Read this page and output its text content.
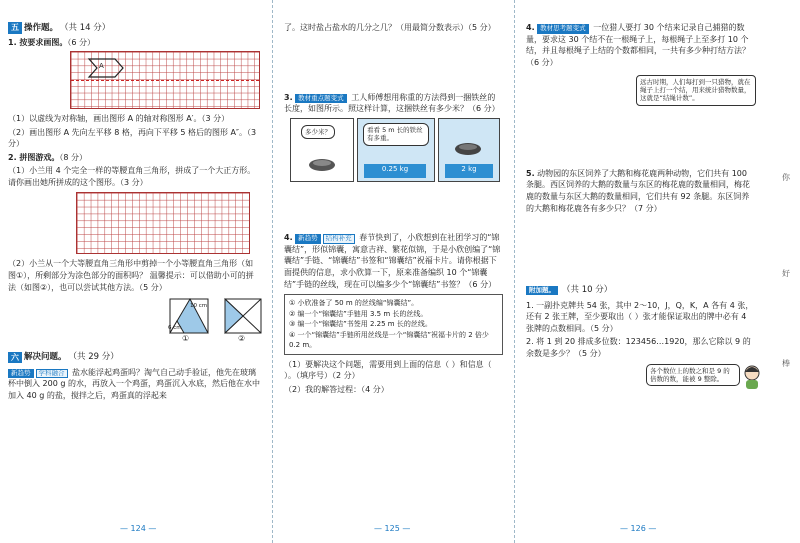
五 操作题。 （共 14 分）
1. 按要求画图。（6 分）
A
（1）以虚线为对称轴，画出图形 A 的轴对称图形 A′。（3 分）
（2）画出图形 A 先向左平移 8 格，再向下平移 5 格后的图形 A″。（3 分）
2. 拼图游戏。（8 分）
（1）小兰用 4 个完全一样的等腰直角三角形，拼成了一个大正方形。请你画出她所拼成的这个图形。（3 分）
（2）小兰从一个大等腰直角三角形中剪掉一个小等腰直角三角形（如图①），所剩部分为涂色部分的面积吗？ 温馨提示：可以借助小可的拼法（如图②），也可以尝试其他方法。（5 分）
10 cm
6 cm
①	②
六 解决问题。 （共 29 分）
新趋势 学科融合 盐水能浮起鸡蛋吗？淘气自己动手验证，他先在玻璃杯中倒入 200 g 的水，再放入一个鸡蛋，鸡蛋沉入水底，然后他在水中加入 40 g 的盐，搅拌之后，鸡蛋真的浮起来
— 124 —
了。这时盐占盐水的几分之几？（用最简分数表示）（5 分）
3. 教材重点题变式 工人师傅想用称重的方法得到一捆铁丝的长度，如图所示。照这样计算，这捆铁丝有多少米？（6 分）
多少米？	看看 5 m 长的铁丝有多重。
0.25 kg	2 kg
4. 新趋势 结构补充 春节快到了，小欣想到在社团学习的“锦囊结”，形似锦囊，寓意吉祥、繁花似锦，于是小欣创编了“锦囊结”手链、“锦囊结”书签和“锦囊结”祝福卡片。请你根据下面提供的信息，求小欣算一下，原来准备编织 10 个“锦囊结”手链的丝线，现在可以编多少个“锦囊结”书签？（6 分）
① 小欣准备了 50 m 的丝线编“锦囊结”。
② 编一个“锦囊结”手链用 3.5 m 长的丝线。
③ 编一个“锦囊结”书签用 2.25 m 长的丝线。
④ 一个“锦囊结”手链所用丝线是一个“锦囊结”祝福卡片的 2 倍少 0.2 m。
（1）要解决这个问题，需要用到上面的信息（ ）和信息（ ）。（填序号）（2 分）
（2）我的解答过程：（4 分）
— 125 —
4. 教材思考题变式 一位猎人要打 30 个结来记录自己捕猎的数量，要求这 30 个结不在一根绳子上，每根绳子上至多打 10 个结，并且每根绳子上结的个数都相同，一共有多少种打结方法？（6 分）
远古时期，人们每打到一只猎物，就在绳子上打一个结，用来统计猎物数量，这就是“结绳计数”。
5. 动物园的东区饲养了大鹅和梅花鹿两种动物，它们共有 100 条腿。西区饲养的大鹅的数量与东区的梅花鹿的数量相同，梅花鹿的数量与东区大鹅的数量相同，它们共有 92 条腿。东区饲养的大鹅和梅花鹿各有多少只？（7 分）
附加题。 （共 10 分）
1. 一副扑克牌共 54 张，其中 2～10，J，Q，K，A 各有 4 张，还有 2 张王牌，至少要取出（ ）张才能保证取出的牌中必有 4 张牌的点数相同。（5 分）
2. 将 1 到 20 排成多位数：123456…1920，那么它除以 9 的余数是多少？（5 分）
各个数位上的数之和是 9 的倍数的数，能被 9 整除。
— 126 —
你
好
棒
